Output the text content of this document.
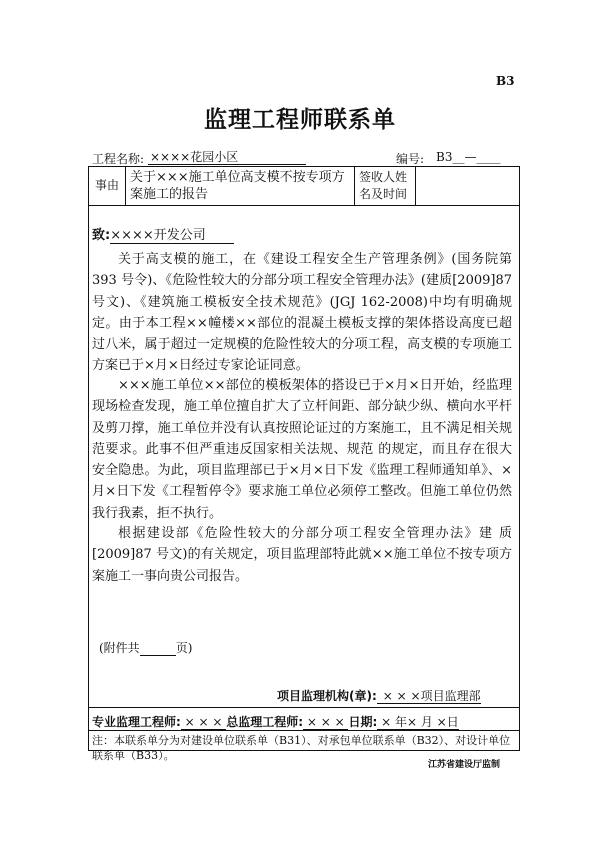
B3
监理工程师联系单
工程名称: ××××花园小区	编号: B3__—____
事由 关于×××施工单位高支模不按专项方案施工的报告
签收人姓名及时间
致:××××开发公司
关于高支模的施工，在《建设工程安全生产管理条例》(国务院第 393 号令)、《危险性较大的分部分项工程安全管理办法》(建质[2009]87 号文)、《建筑施工模板安全技术规范》(JGJ 162-2008)中均有明确规定。由于本工程××幢楼××部位的混凝土模板支撑的架体搭设高度已超过八米，属于超过一定规模的危险性较大的分项工程，高支模的专项施工方案已于×月×日经过专家论证同意。
×××施工单位××部位的模板架体的搭设已于×月×日开始，经监理现场检查发现，施工单位擅自扩大了立杆间距、部分缺少纵、横向水平杆及剪刀撑，施工单位并没有认真按照论证过的方案施工，且不满足相关规范要求。此事不但严重违反国家相关法规、规范 的规定，而且存在很大安全隐患。为此，项目监理部已于×月×日下发《监理工程师通知单》、×月×日下发《工程暂停令》要求施工单位必须停工整改。但施工单位仍然我行我素，拒不执行。
根据建设部《危险性较大的分部分项工程安全管理办法》建 质[2009]87 号文)的有关规定，项目监理部特此就××施工单位不按专项方案施工一事向贵公司报告。
(附件共	页)
项目监理机构(章): × × ×项目监理部
专业监理工程师: × × × 总监理工程师: × × × 日期: × 年× 月 ×日
注：本联系单分为对建设单位联系单（B31）、对承包单位联系单（B32）、对设计单位联系单（B33）。
江苏省建设厅监制
